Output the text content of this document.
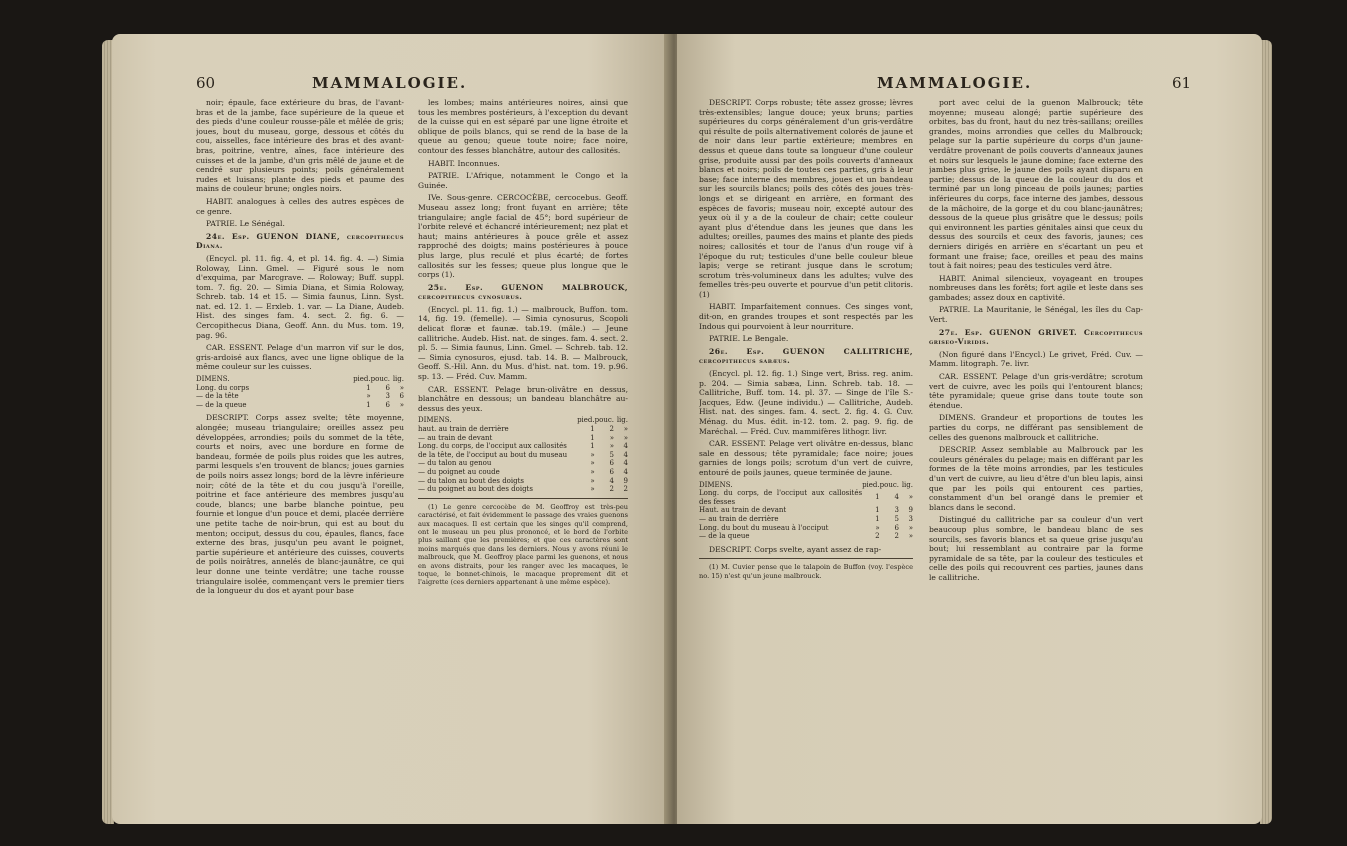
60	MAMMALOGIE.

noir; épaule, face extérieure du bras, de l'avant-bras et de la jambe, face supérieure de la queue et des pieds d'une couleur rousse-pâle et mêlée de gris; joues, bout du museau, gorge, dessous et côtés du cou, aisselles, face intérieure des bras et des avant-bras, poitrine, ventre, aînes, face intérieure des cuisses et de la jambe, d'un gris mêlé de jaune et de cendré sur plusieurs points; poils généralement rudes et luisans; plante des pieds et paume des mains de couleur brune; ongles noirs.

HABIT. analogues à celles des autres espèces de ce genre.

PATRIE. Le Sénégal.

24e. Esp. GUENON DIANE, cercopithecus Diana.

(Encycl. pl. 11. fig. 4, et pl. 14. fig. 4. —) Simia Roloway, Linn. Gmel. — Figuré sous le nom d'exquima, par Marcgrave. — Roloway; Buff. suppl. tom. 7. fig. 20. — Simia Diana, et Simia Roloway, Schreb. tab. 14 et 15. — Simia faunus, Linn. Syst. nat. ed. 12. 1. — Erxleb. 1. var. — La Diane, Audeb. Hist. des singes fam. 4. sect. 2. fig. 6. — Cercopithecus Diana, Geoff. Ann. du Mus. tom. 19, pag. 96.

CAR. ESSENT. Pelage d'un marron vif sur le dos, gris-ardoisé aux flancs, avec une ligne oblique de la même couleur sur les cuisses.

DIMENS.	pied.	pouc.	lig.
Long. du corps	1	6	»
— de la tête	»	3	6
— de la queue	1	6	»

DESCRIPT. Corps assez svelte; tête moyenne, alongée; museau triangulaire; oreilles assez peu développées, arrondies; poils du sommet de la tête, courts et noirs, avec une bordure en forme de bandeau, formée de poils plus roides que les autres, parmi lesquels s'en trouvent de blancs; joues garnies de poils noirs assez longs; bord de la lèvre inférieure noir; côté de la tête et du cou jusqu'à l'oreille, poitrine et face antérieure des membres jusqu'au coude, blancs; une barbe blanche pointue, peu fournie et longue d'un pouce et demi, placée derrière une petite tache de noir-brun, qui est au bout du menton; occiput, dessus du cou, épaules, flancs, face externe des bras, jusqu'un peu avant le poignet, partie supérieure et antérieure des cuisses, couverts de poils noirâtres, annelés de blanc-jaunâtre, ce qui leur donne une teinte verdâtre; une tache rousse triangulaire isolée, commençant vers le premier tiers de la longueur du dos et ayant pour base

les lombes; mains antérieures noires, ainsi que tous les membres postérieurs, à l'exception du devant de la cuisse qui en est séparé par une ligne étroite et oblique de poils blancs, qui se rend de la base de la queue au genou; queue toute noire; face noire, contour des fesses blanchâtre, autour des callosités.

HABIT. Inconnues.

PATRIE. L'Afrique, notamment le Congo et la Guinée.

IVe. Sous-genre. CERCOCÈBE, cercocebus. Geoff. Museau assez long; front fuyant en arrière; tête triangulaire; angle facial de 45°; bord supérieur de l'orbite relevé et échancré intérieurement; nez plat et haut; mains antérieures à pouce grêle et assez rapproché des doigts; mains postérieures à pouce plus large, plus reculé et plus écarté; de fortes callosités sur les fesses; queue plus longue que le corps (1).

25e. Esp. GUENON MALBROUCK, cercopithecus cynosurus.

(Encycl. pl. 11. fig. 1.) — malbrouck, Buffon. tom. 14, fig. 19. (femelle). — Simia cynosurus, Scopoli delicat floræ et faunæ. tab.19. (mâle.) — Jeune callitriche. Audeb. Hist. nat. de singes. fam. 4. sect. 2. pl. 5. — Simia faunus, Linn. Gmel. — Schreb. tab. 12. — Simia cynosuros, ejusd. tab. 14. B. — Malbrouck, Geoff. S.-Hil. Ann. du Mus. d'hist. nat. tom. 19. p.96. sp. 13. — Fréd. Cuv. Mamm.

CAR. ESSENT. Pelage brun-olivâtre en dessus, blanchâtre en dessous; un bandeau blanchâtre au-dessus des yeux.

DIMENS.	pied.	pouc.	lig.
haut. au train de derrière	1	2	»
— au train de devant	1	»	»
Long. du corps, de l'occiput aux callosités	1	»	4
de la tête, de l'occiput au bout du museau	»	5	4
— du talon au genou	»	6	4
— du poignet au coude	»	6	4
— du talon au bout des doigts	»	4	9
— du poignet au bout des doigts	»	2	2

(1) Le genre cercocèbe de M. Geoffroy est très-peu caractérisé, et fait évidemment le passage des vraies guenons aux macaques. Il est certain que les singes qu'il comprend, ont le museau un peu plus prononcé, et le bord de l'orbite plus saillant que les premières; et que ces caractères sont moins marqués que dans les derniers. Nous y avons réuni le malbrouck, que M. Geoffroy place parmi les guenons, et nous en avons distraits, pour les ranger avec les macaques, le toque, le bonnet-chinois, le macaque proprement dit et l'aigrette (ces derniers appartenant à une même espèce).

MAMMALOGIE.	61

DESCRIPT. Corps robuste; tête assez grosse; lèvres très-extensibles; langue douce; yeux bruns; parties supérieures du corps généralement d'un gris-verdâtre qui résulte de poils alternativement colorés de jaune et de noir dans leur partie extérieure; membres en dessus et queue dans toute sa longueur d'une couleur grise, produite aussi par des poils couverts d'anneaux blancs et noirs; poils de toutes ces parties, gris à leur base; face interne des membres, joues et un bandeau sur les sourcils blancs; poils des côtés des joues très-longs et se dirigeant en arrière, en formant des espèces de favoris; museau noir, excepté autour des yeux où il y a de la couleur de chair; cette couleur ayant plus d'étendue dans les jeunes que dans les adultes; oreilles, paumes des mains et plante des pieds noires; callosités et tour de l'anus d'un rouge vif à l'époque du rut; testicules d'une belle couleur bleue lapis; verge se retirant jusque dans le scrotum; scrotum très-volumineux dans les adultes; vulve des femelles très-peu ouverte et pourvue d'un petit clitoris. (1)

HABIT. Imparfaitement connues. Ces singes vont, dit-on, en grandes troupes et sont respectés par les Indous qui pourvoient à leur nourriture.

PATRIE. Le Bengale.

26e. Esp. GUENON CALLITRICHE, cercopithecus sabæus.

(Encycl. pl. 12. fig. 1.) Singe vert, Briss. reg. anim. p. 204. — Simia sabæa, Linn. Schreb. tab. 18. — Callitriche, Buff. tom. 14. pl. 37. — Singe de l'île S.-Jacques, Edw. (Jeune individu.) — Callitriche, Audeb. Hist. nat. des singes. fam. 4. sect. 2. fig. 4. G. Cuv. Ménag. du Mus. édit. in-12. tom. 2. pag. 9. fig. de Maréchal. — Fréd. Cuv. mammifères lithogr. livr.

CAR. ESSENT. Pelage vert olivâtre en-dessus, blanc sale en dessous; tête pyramidale; face noire; joues garnies de longs poils; scrotum d'un vert de cuivre, entouré de poils jaunes, queue terminée de jaune.

DIMENS.	pied.	pouc.	lig.
Long. du corps, de l'occiput aux callosités des fesses	1	4	»
Haut. au train de devant	1	3	9
— au train de derrière	1	5	3
Long. du bout du museau à l'occiput	»	6	»
— de la queue	2	2	»

DESCRIPT. Corps svelte, ayant assez de rap-

(1) M. Cuvier pense que le talapoin de Buffon (voy. l'espèce no. 15) n'est qu'un jeune malbrouck.

port avec celui de la guenon Malbrouck; tête moyenne; museau alongé; partie supérieure des orbites, bas du front, haut du nez très-saillans; oreilles grandes, moins arrondies que celles du Malbrouck; pelage sur la partie supérieure du corps d'un jaune-verdâtre provenant de poils couverts d'anneaux jaunes et noirs sur lesquels le jaune domine; face externe des jambes plus grise, le jaune des poils ayant disparu en partie; dessus de la queue de la couleur du dos et terminé par un long pinceau de poils jaunes; parties inférieures du corps, face interne des jambes, dessous de la mâchoire, de la gorge et du cou blanc-jaunâtres; dessous de la queue plus grisâtre que le dessus; poils qui environnent les parties génitales ainsi que ceux du dessus des sourcils et ceux des favoris, jaunes; ces derniers dirigés en arrière en s'écartant un peu et formant une fraise; face, oreilles et peau des mains tout à fait noires; peau des testicules verd âtre.

HABIT. Animal silencieux, voyageant en troupes nombreuses dans les forêts; fort agile et leste dans ses gambades; assez doux en captivité.

PATRIE. La Mauritanie, le Sénégal, les îles du Cap-Vert.

27e. Esp. GUENON GRIVET. Cercopithecus griseo-Viridis.

(Non figuré dans l'Encycl.) Le grivet, Fréd. Cuv. — Mamm. litograph. 7e. livr.

CAR. ESSENT. Pelage d'un gris-verdâtre; scrotum vert de cuivre, avec les poils qui l'entourent blancs; tête pyramidale; queue grise dans toute toute son étendue.

DIMENS. Grandeur et proportions de toutes les parties du corps, ne différant pas sensiblement de celles des guenons malbrouck et callitriche.

DESCRIP. Assez semblable au Malbrouck par les couleurs générales du pelage; mais en différant par les formes de la tête moins arrondies, par les testicules d'un vert de cuivre, au lieu d'être d'un bleu lapis, ainsi que par les poils qui entourent ces parties, constamment d'un bel orangé dans le premier et blancs dans le second.

Distingué du callitriche par sa couleur d'un vert beaucoup plus sombre, le bandeau blanc de ses sourcils, ses favoris blancs et sa queue grise jusqu'au bout; lui ressemblant au contraire par la forme pyramidale de sa tête, par la couleur des testicules et celle des poils qui recouvrent ces parties, jaunes dans le callitriche.
